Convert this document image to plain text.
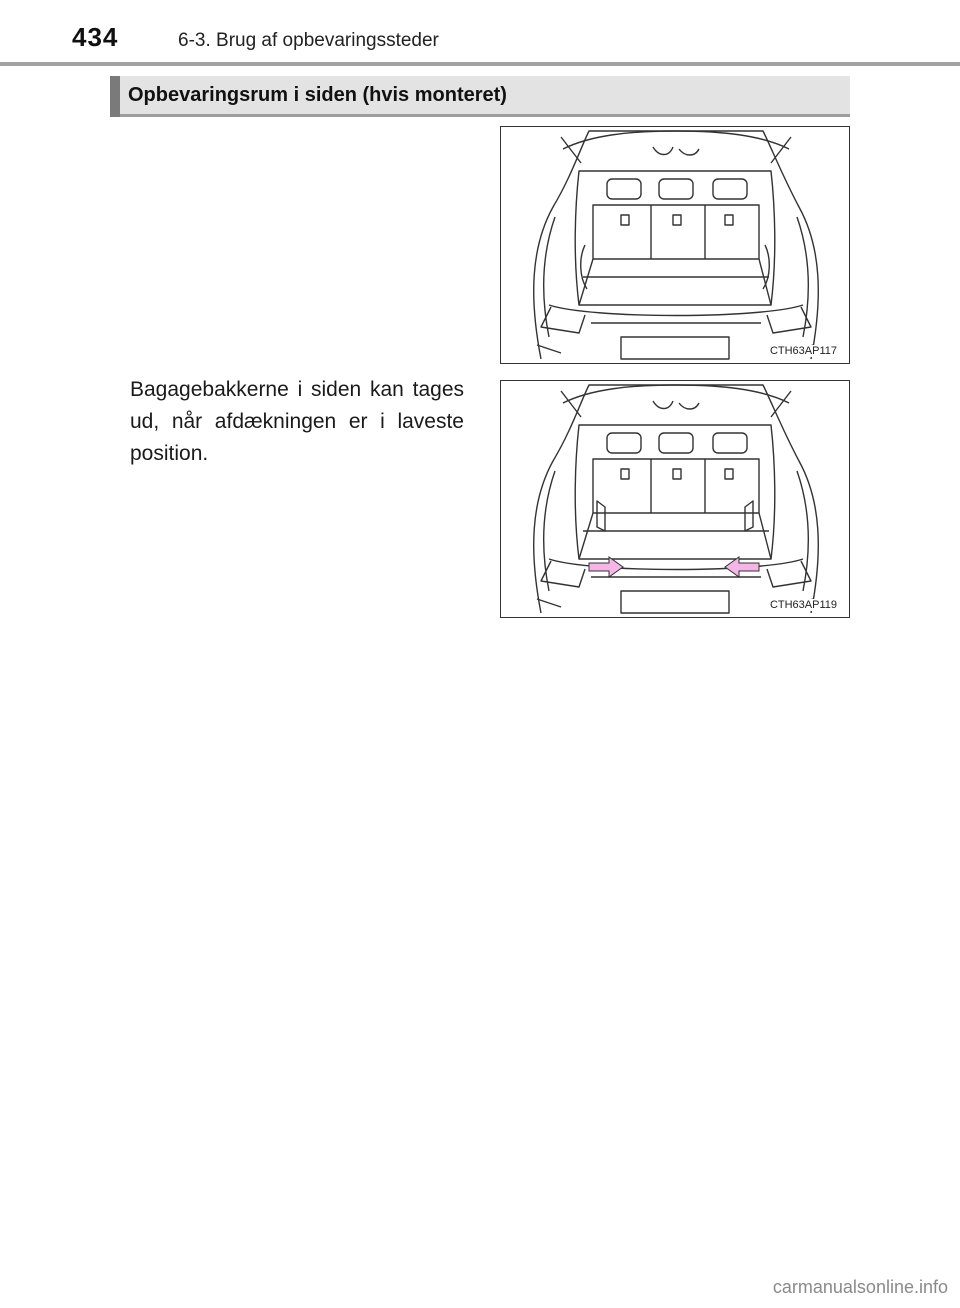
434	6-3. Brug af opbevaringssteder
Opbevaringsrum i siden (hvis monteret)
Bagagebakkerne i siden kan tages ud, når afdækningen er i laveste position.
CTH63AP117
CTH63AP119
carmanualsonline.info
